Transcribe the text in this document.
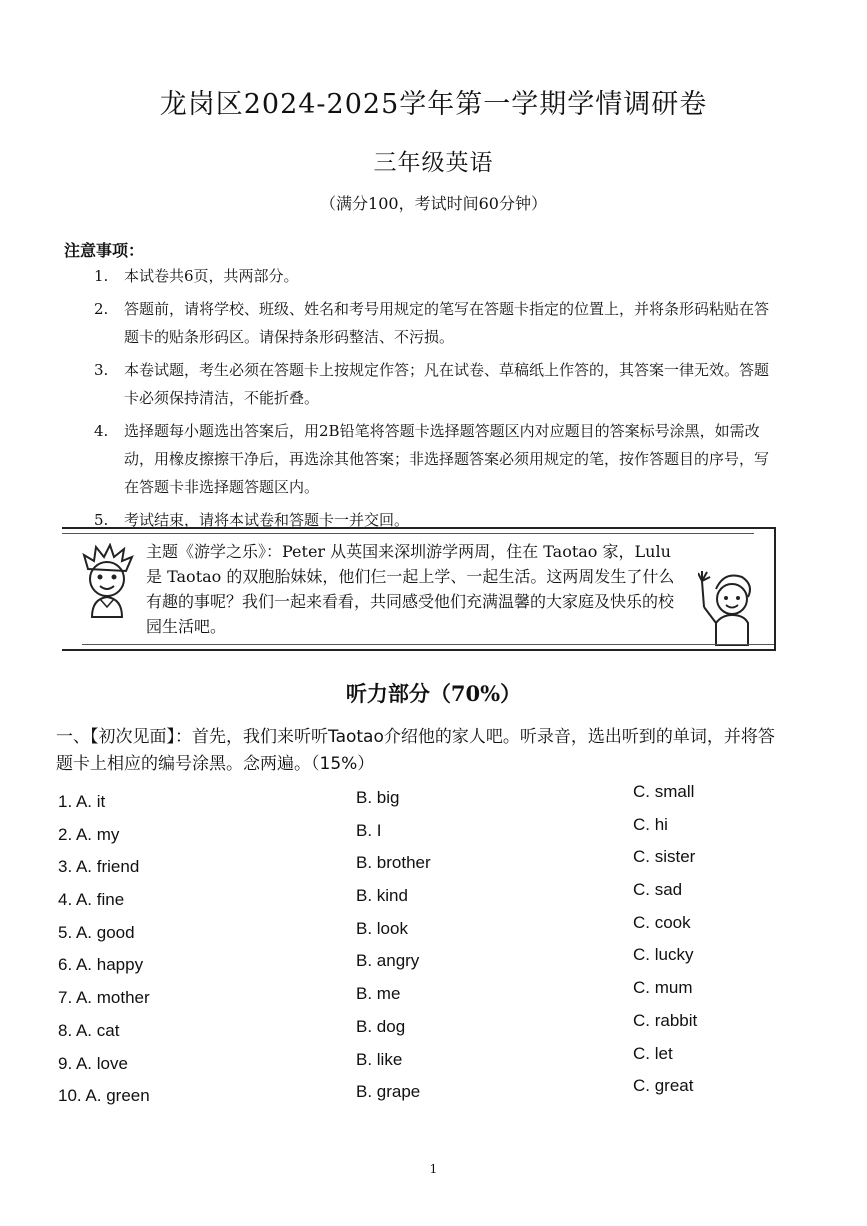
龙岗区2024-2025学年第一学期学情调研卷
三年级英语
（满分100，考试时间60分钟）
注意事项：
1.	本试卷共6页，共两部分。
2.	答题前，请将学校、班级、姓名和考号用规定的笔写在答题卡指定的位置上，并将条形码粘贴在答题卡的贴条形码区。请保持条形码整洁、不污损。
3.	本卷试题，考生必须在答题卡上按规定作答；凡在试卷、草稿纸上作答的，其答案一律无效。答题卡必须保持清洁，不能折叠。
4.	选择题每小题选出答案后，用2B铅笔将答题卡选择题答题区内对应题目的答案标号涂黑，如需改动，用橡皮擦擦干净后，再选涂其他答案；非选择题答案必须用规定的笔，按作答题目的序号，写在答题卡非选择题答题区内。
5.	考试结束，请将本试卷和答题卡一并交回。
主题《游学之乐》：Peter 从英国来深圳游学两周，住在 Taotao 家，Lulu 是 Taotao 的双胞胎妹妹，他们仨一起上学、一起生活。这两周发生了什么有趣的事呢？我们一起来看看，共同感受他们充满温馨的大家庭及快乐的校园生活吧。
听力部分（70%）
一、【初次见面】：首先，我们来听听Taotao介绍他的家人吧。听录音，选出听到的单词，并将答题卡上相应的编号涂黑。念两遍。（15%）
1. A. it	B. big	C. small
2. A. my	B. I	C. hi
3. A. friend	B. brother	C. sister
4. A. fine	B. kind	C. sad
5. A. good	B. look	C. cook
6. A. happy	B. angry	C. lucky
7. A. mother	B. me	C. mum
8. A. cat	B. dog	C. rabbit
9. A. love	B. like	C. let
10. A. green	B. grape	C. great
1
